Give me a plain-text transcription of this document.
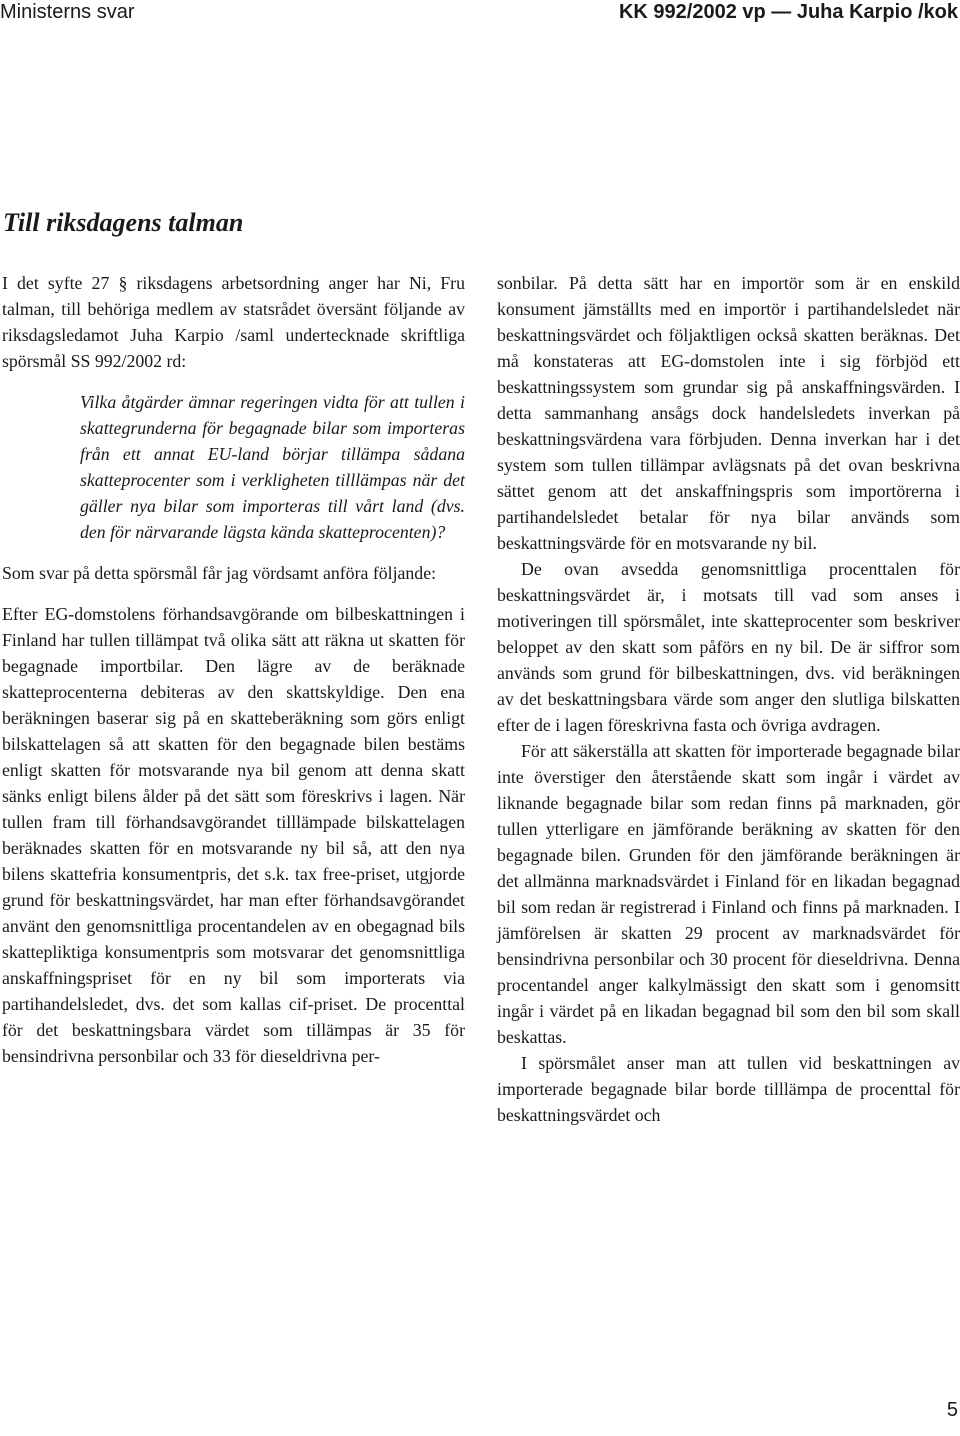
Ministerns svar	KK 992/2002 vp — Juha Karpio /kok
Till riksdagens talman

I det syfte 27 § riksdagens arbetsordning anger har Ni, Fru talman, till behöriga medlem av statsrådet översänt följande av riksdagsledamot Juha Karpio /saml undertecknade skriftliga spörsmål SS 992/2002 rd:

Vilka åtgärder ämnar regeringen vidta för att tullen i skattegrunderna för begagnade bilar som importeras från ett annat EU-land börjar tillämpa sådana skatteprocenter som i verkligheten tilllämpas när det gäller nya bilar som importeras till vårt land (dvs. den för närvarande lägsta kända skatteprocenten)?

Som svar på detta spörsmål får jag vördsamt anföra följande:

Efter EG-domstolens förhandsavgörande om bilbeskattningen i Finland har tullen tillämpat två olika sätt att räkna ut skatten för begagnade importbilar. Den lägre av de beräknade skatteprocenterna debiteras av den skattskyldige. Den ena beräkningen baserar sig på en skatteberäkning som görs enligt bilskattelagen så att skatten för den begagnade bilen bestäms enligt skatten för motsvarande nya bil genom att denna skatt sänks enligt bilens ålder på det sätt som föreskrivs i lagen. När tullen fram till förhandsavgörandet tilllämpade bilskattelagen beräknades skatten för en motsvarande ny bil så, att den nya bilens skattefria konsumentpris, det s.k. tax free-priset, utgjorde grund för beskattningsvärdet, har man efter förhandsavgörandet använt den genomsnittliga procentandelen av en obegagnad bils skattepliktiga konsumentpris som motsvarar det genomsnittliga anskaffningspriset för en ny bil som importerats via partihandelsledet, dvs. det som kallas cif-priset. De procenttal för det beskattningsbara värdet som tillämpas är 35 för bensindrivna personbilar och 33 för dieseldrivna per-

sonbilar. På detta sätt har en importör som är en enskild konsument jämställts med en importör i partihandelsledet när beskattningsvärdet och följaktligen också skatten beräknas. Det må konstateras att EG-domstolen inte i sig förbjöd ett beskattningssystem som grundar sig på anskaffningsvärden. I detta sammanhang ansågs dock handelsledets inverkan på beskattningsvärdena vara förbjuden. Denna inverkan har i det system som tullen tillämpar avlägsnats på det ovan beskrivna sättet genom att det anskaffningspris som importörerna i partihandelsledet betalar för nya bilar används som beskattningsvärde för en motsvarande ny bil.

De ovan avsedda genomsnittliga procenttalen för beskattningsvärdet är, i motsats till vad som anses i motiveringen till spörsmålet, inte skatteprocenter som beskriver beloppet av den skatt som påförs en ny bil. De är siffror som används som grund för bilbeskattningen, dvs. vid beräkningen av det beskattningsbara värde som anger den slutliga bilskatten efter de i lagen föreskrivna fasta och övriga avdragen.

För att säkerställa att skatten för importerade begagnade bilar inte överstiger den återstående skatt som ingår i värdet av liknande begagnade bilar som redan finns på marknaden, gör tullen ytterligare en jämförande beräkning av skatten för den begagnade bilen. Grunden för den jämförande beräkningen är det allmänna marknadsvärdet i Finland för en likadan begagnad bil som redan är registrerad i Finland och finns på marknaden. I jämförelsen är skatten 29 procent av marknadsvärdet för bensindrivna personbilar och 30 procent för dieseldrivna. Denna procentandel anger kalkylmässigt den skatt som i genomsitt ingår i värdet på en likadan begagnad bil som den bil som skall beskattas.

I spörsmålet anser man att tullen vid beskattningen av importerade begagnade bilar borde tilllämpa de procenttal för beskattningsvärdet och

5
